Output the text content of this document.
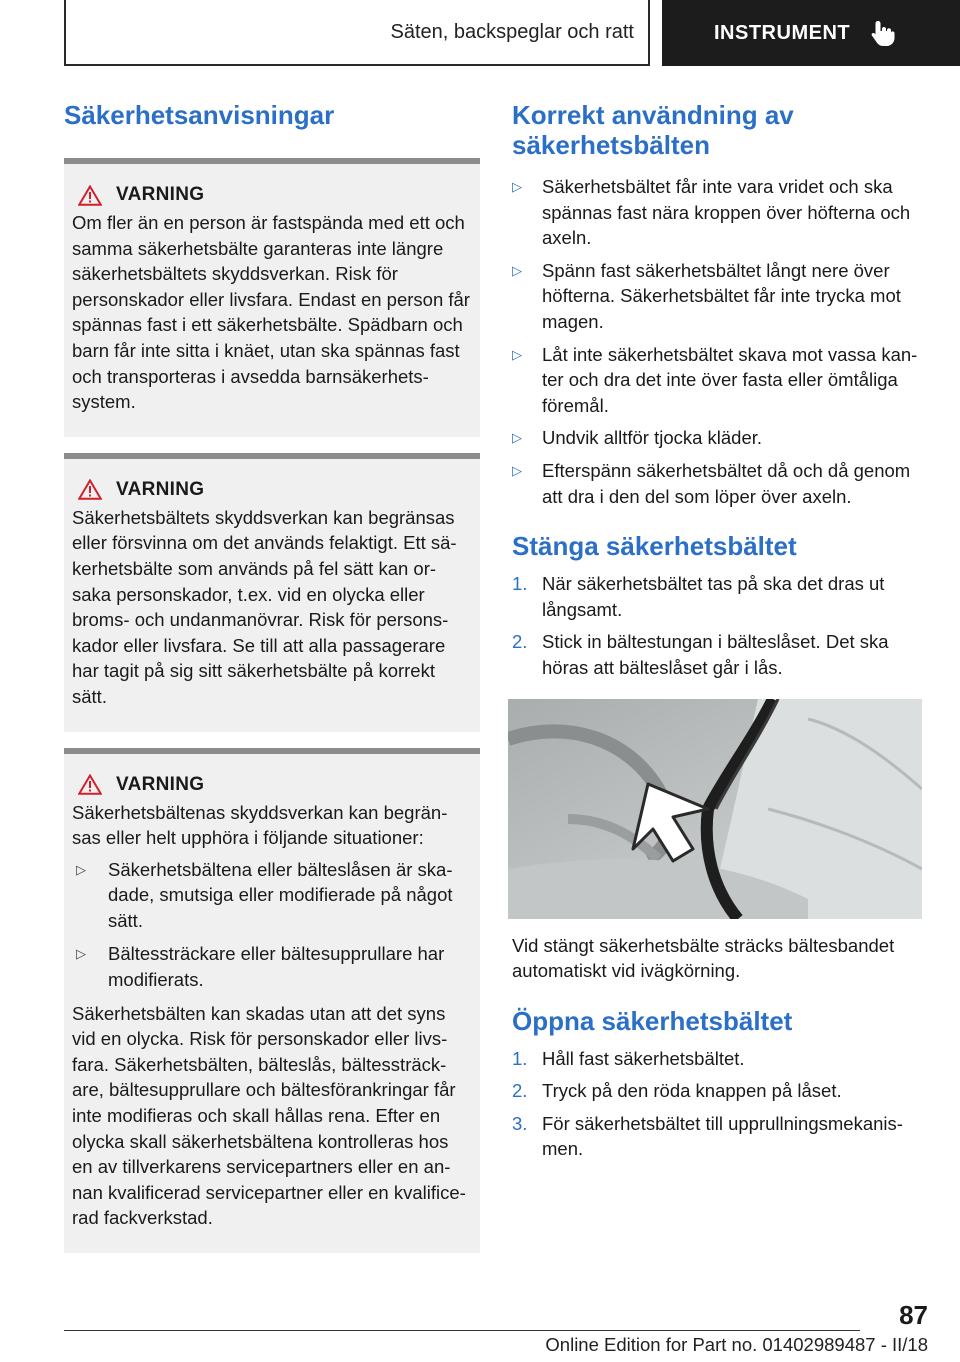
Säten, backspeglar och ratt	INSTRUMENT
Säkerhetsanvisningar
VARNING

Om fler än en person är fastspända med ett och samma säkerhetsbälte garanteras inte längre säkerhetsbältets skyddsverkan. Risk för personskador eller livsfara. Endast en person får spännas fast i ett säkerhetsbälte. Spädbarn och barn får inte sitta i knäet, utan ska spännas fast och transporteras i avsedda barnsäkerhets-system.

VARNING

Säkerhetsbältets skyddsverkan kan begränsas eller försvinna om det används felaktigt. Ett sä-kerhetsbälte som används på fel sätt kan or-saka personskador, t.ex. vid en olycka eller broms- och undanmanövrar. Risk för persons-kador eller livsfara. Se till att alla passagerare har tagit på sig sitt säkerhetsbälte på korrekt sätt.

VARNING

Säkerhetsbältenas skyddsverkan kan begrän-sas eller helt upphöra i följande situationer:

▷ Säkerhetsbältena eller bälteslåsen är ska-dade, smutsiga eller modifierade på något sätt.
▷ Bältessträckare eller bältesupprullare har modifierats.

Säkerhetsbälten kan skadas utan att det syns vid en olycka. Risk för personskador eller livs-fara. Säkerhetsbälten, bälteslås, bältessträck-are, bältesupprullare och bältesförankringar får inte modifieras och skall hållas rena. Efter en olycka skall säkerhetsbältena kontrolleras hos en av tillverkarens servicepartners eller en an-nan kvalificerad servicepartner eller en kvalifice-rad fackverkstad.

Korrekt användning av säkerhetsbälten
▷ Säkerhetsbältet får inte vara vridet och ska spännas fast nära kroppen över höfterna och axeln.
▷ Spänn fast säkerhetsbältet långt nere över höfterna. Säkerhetsbältet får inte trycka mot magen.
▷ Låt inte säkerhetsbältet skava mot vassa kan-ter och dra det inte över fasta eller ömtåliga föremål.
▷ Undvik alltför tjocka kläder.
▷ Efterspänn säkerhetsbältet då och då genom att dra i den del som löper över axeln.
Stänga säkerhetsbältet
1. När säkerhetsbältet tas på ska det dras ut långsamt.
2. Stick in bältestungan i bälteslåset. Det ska höras att bälteslåset går i lås.

Vid stängt säkerhetsbälte sträcks bältesbandet automatiskt vid ivägkörning.

Öppna säkerhetsbältet
1. Håll fast säkerhetsbältet.
2. Tryck på den röda knappen på låset.
3. För säkerhetsbältet till upprullningsmekanis-men.
87
Online Edition for Part no. 01402989487 - II/18
